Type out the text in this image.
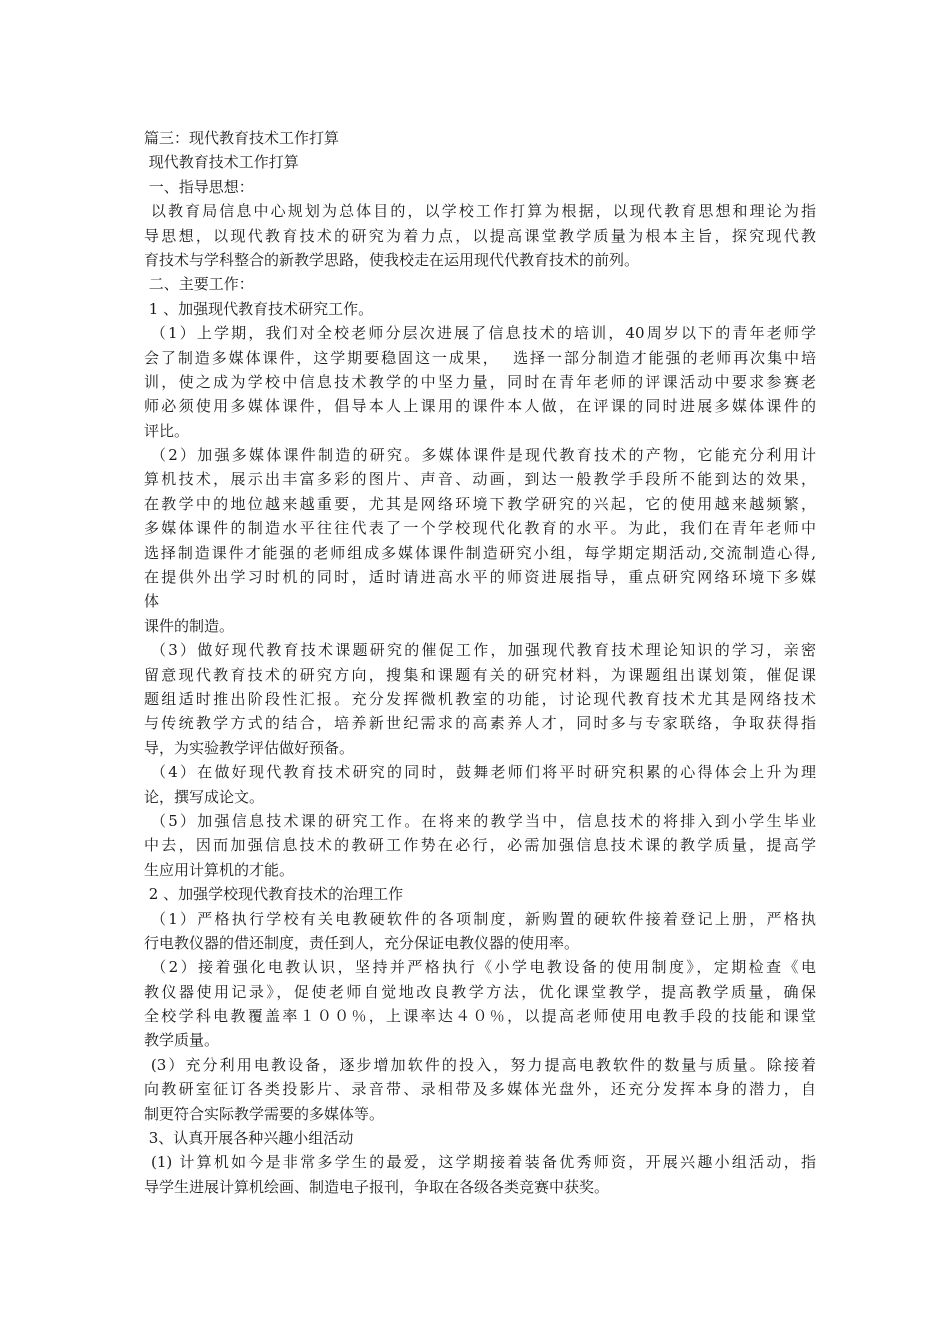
篇三：现代教育技术工作打算
现代教育技术工作打算
一、指导思想：
以教育局信息中心规划为总体目的，以学校工作打算为根据，以现代教育思想和理论为指
导思想，以现代教育技术的研究为着力点，以提高课堂教学质量为根本主旨，探究现代教
育技术与学科整合的新教学思路，使我校走在运用现代代教育技术的前列。
二、主要工作：
1 、加强现代教育技术研究工作。
（1）上学期，我们对全校老师分层次进展了信息技术的培训，40周岁以下的青年老师学
会了制造多媒体课件，这学期要稳固这一成果，  选择一部分制造才能强的老师再次集中培
训，使之成为学校中信息技术教学的中坚力量，同时在青年老师的评课活动中要求参赛老
师必须使用多媒体课件，倡导本人上课用的课件本人做，在评课的同时进展多媒体课件的
评比。
（2）加强多媒体课件制造的研究。多媒体课件是现代教育技术的产物，它能充分利用计
算机技术，展示出丰富多彩的图片、声音、动画，到达一般教学手段所不能到达的效果，
在教学中的地位越来越重要，尤其是网络环境下教学研究的兴起，它的使用越来越频繁，
多媒体课件的制造水平往往代表了一个学校现代化教育的水平。为此，我们在青年老师中
选择制造课件才能强的老师组成多媒体课件制造研究小组，每学期定期活动,交流制造心得,
在提供外出学习时机的同时，适时请进高水平的师资进展指导，重点研究网络环境下多媒
体
课件的制造。
（3）做好现代教育技术课题研究的催促工作，加强现代教育技术理论知识的学习，亲密
留意现代教育技术的研究方向，搜集和课题有关的研究材料，为课题组出谋划策，催促课
题组适时推出阶段性汇报。充分发挥微机教室的功能，讨论现代教育技术尤其是网络技术
与传统教学方式的结合，培养新世纪需求的高素养人才，同时多与专家联络，争取获得指
导，为实验教学评估做好预备。
（4）在做好现代教育技术研究的同时，鼓舞老师们将平时研究积累的心得体会上升为理
论，撰写成论文。
（5）加强信息技术课的研究工作。在将来的教学当中，信息技术的将排入到小学生毕业
中去，因而加强信息技术的教研工作势在必行，必需加强信息技术课的教学质量，提高学
生应用计算机的才能。
2 、加强学校现代教育技术的治理工作
（1）严格执行学校有关电教硬软件的各项制度，新购置的硬软件接着登记上册，严格执
行电教仪器的借还制度，责任到人，充分保证电教仪器的使用率。
（2）接着强化电教认识，坚持并严格执行《小学电教设备的使用制度》，定期检查《电
教仪器使用记录》，促使老师自觉地改良教学方法，优化课堂教学，提高教学质量，确保
全校学科电教覆盖率１００％，上课率达４０％，以提高老师使用电教手段的技能和课堂
教学质量。
(3）充分利用电教设备，逐步增加软件的投入，努力提高电教软件的数量与质量。除接着
向教研室征订各类投影片、录音带、录相带及多媒体光盘外，还充分发挥本身的潜力，自
制更符合实际教学需要的多媒体等。
3、认真开展各种兴趣小组活动
(1) 计算机如今是非常多学生的最爱，这学期接着装备优秀师资，开展兴趣小组活动，指
导学生进展计算机绘画、制造电子报刊，争取在各级各类竞赛中获奖。
